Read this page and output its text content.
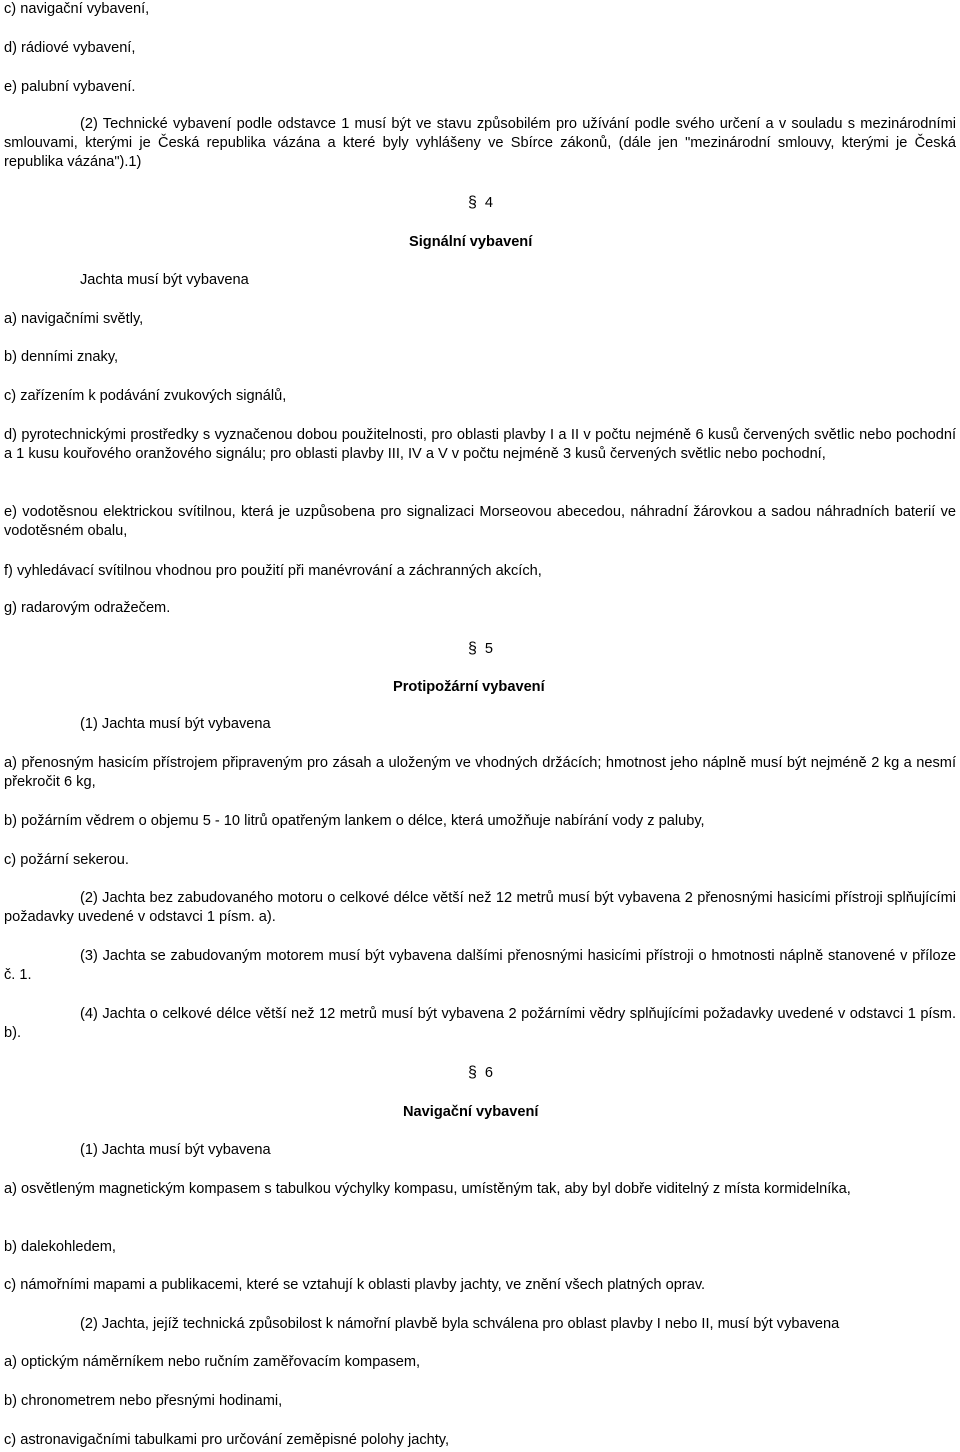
c) navigační vybavení,

d) rádiové vybavení,

e) palubní vybavení.

(2) Technické vybavení podle odstavce 1 musí být ve stavu způsobilém pro užívání podle svého určení a v souladu s mezinárodními smlouvami, kterými je Česká republika vázána a které byly vyhlášeny ve Sbírce zákonů, (dále jen "mezinárodní smlouvy, kterými je Česká republika vázána").1)

§ 4
Signální vybavení

Jachta musí být vybavena

a) navigačními světly,

b) denními znaky,

c) zařízením k podávání zvukových signálů,

d) pyrotechnickými prostředky s vyznačenou dobou použitelnosti, pro oblasti plavby I a II v počtu nejméně 6 kusů červených světlic nebo pochodní a 1 kusu kouřového oranžového signálu; pro oblasti plavby III, IV a V v počtu nejméně 3 kusů červených světlic nebo pochodní,

e) vodotěsnou elektrickou svítilnou, která je uzpůsobena pro signalizaci Morseovou abecedou, náhradní žárovkou a sadou náhradních baterií ve vodotěsném obalu,

f) vyhledávací svítilnou vhodnou pro použití při manévrování a záchranných akcích,

g) radarovým odražečem.

§ 5
Protipožární vybavení

(1) Jachta musí být vybavena

a) přenosným hasicím přístrojem připraveným pro zásah a uloženým ve vhodných držácích; hmotnost jeho náplně musí být nejméně 2 kg a nesmí překročit 6 kg,

b) požárním vědrem o objemu 5 - 10 litrů opatřeným lankem o délce, která umožňuje nabírání vody z paluby,

c) požární sekerou.

(2) Jachta bez zabudovaného motoru o celkové délce větší než 12 metrů musí být vybavena 2 přenosnými hasicími přístroji splňujícími požadavky uvedené v odstavci 1 písm. a).

(3) Jachta se zabudovaným motorem musí být vybavena dalšími přenosnými hasicími přístroji o hmotnosti náplně stanovené v příloze č. 1.

(4) Jachta o celkové délce větší než 12 metrů musí být vybavena 2 požárními vědry splňujícími požadavky uvedené v odstavci 1 písm. b).

§ 6
Navigační vybavení

(1) Jachta musí být vybavena

a) osvětleným magnetickým kompasem s tabulkou výchylky kompasu, umístěným tak, aby byl dobře viditelný z místa kormidelníka,

b) dalekohledem,

c) námořními mapami a publikacemi, které se vztahují k oblasti plavby jachty, ve znění všech platných oprav.

(2) Jachta, jejíž technická způsobilost k námořní plavbě byla schválena pro oblast plavby I nebo II, musí být vybavena

a) optickým náměrníkem nebo ručním zaměřovacím kompasem,

b) chronometrem nebo přesnými hodinami,

c) astronavigačními tabulkami pro určování zeměpisné polohy jachty,
